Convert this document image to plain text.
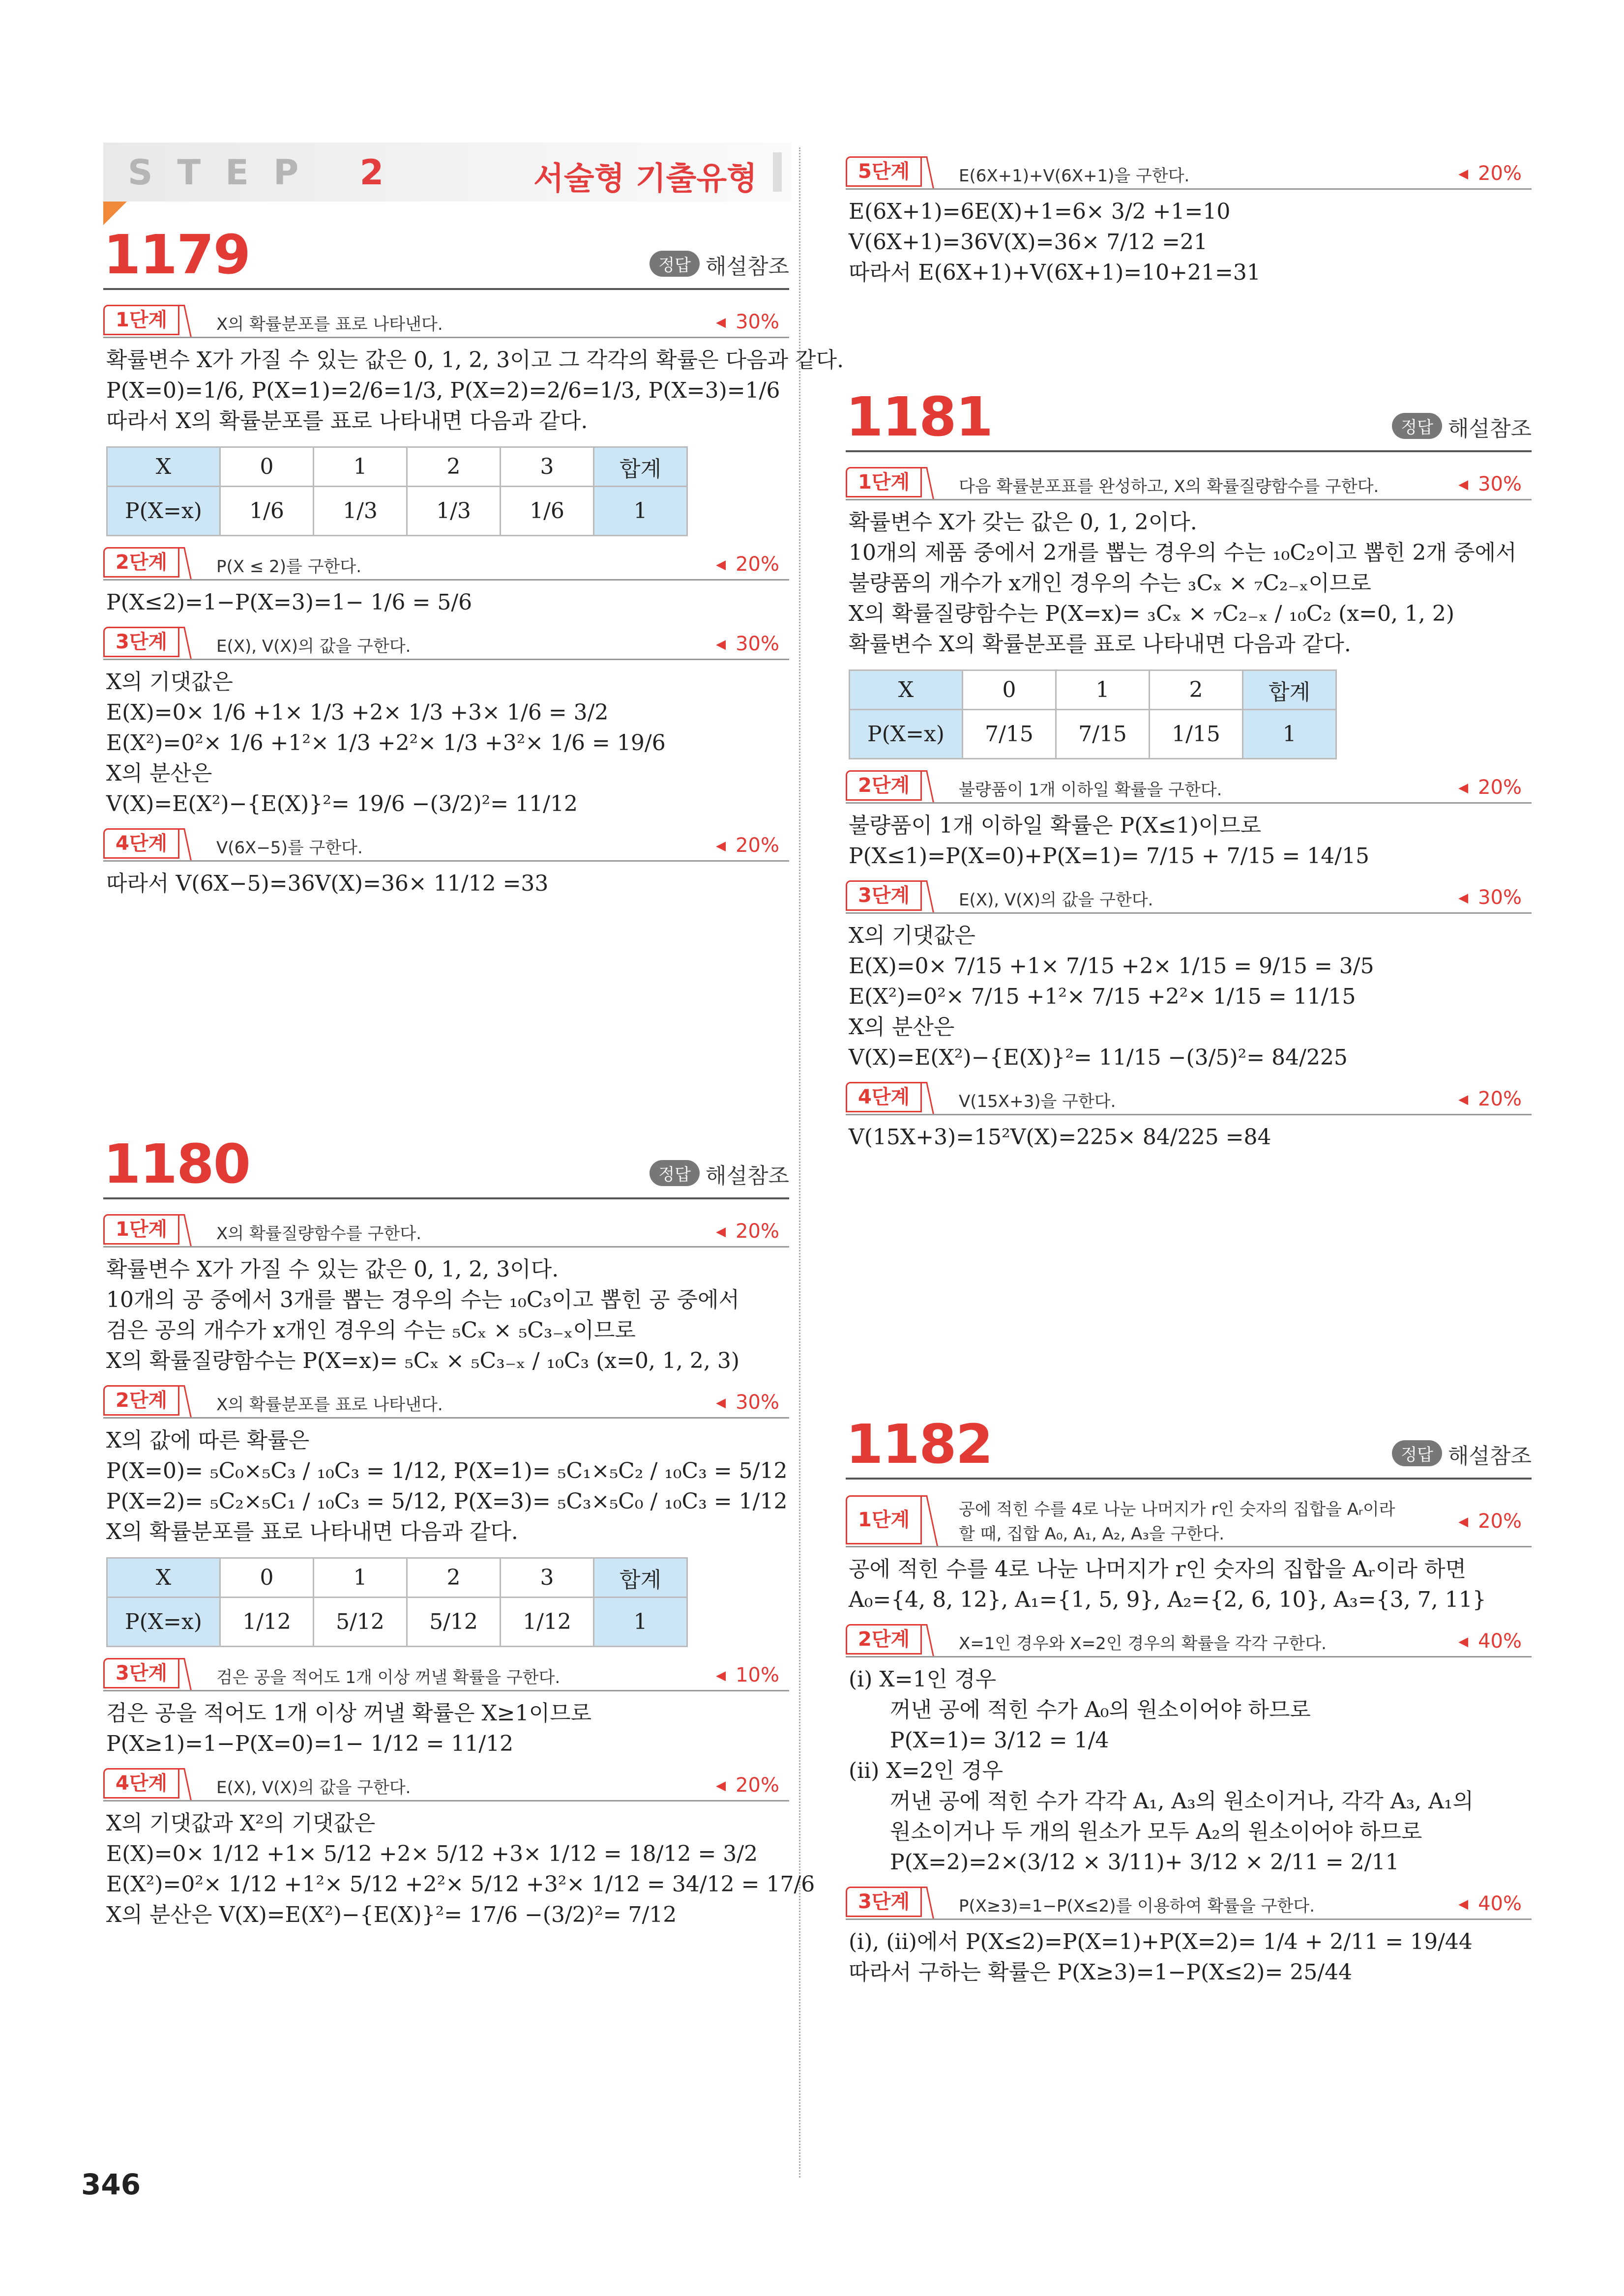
STEP 2	서술형 기출유형
1179	정답 해설참조
1단계	X의 확률분포를 표로 나타낸다.	◀ 30%
확률변수 X가 가질 수 있는 값은 0, 1, 2, 3이고 그 각각의 확률은 다음과 같다.
P(X=0)=1/6, P(X=1)=2/6=1/3, P(X=2)=2/6=1/3, P(X=3)=1/6
따라서 X의 확률분포를 표로 나타내면 다음과 같다.
X	0	1	2	3	합계
P(X=x)	1/6	1/3	1/3	1/6	1
2단계	P(X ≤ 2)를 구한다.	◀ 20%
P(X≤2)=1−P(X=3)=1− 1/6 = 5/6
3단계	E(X), V(X)의 값을 구한다.	◀ 30%
X의 기댓값은
E(X)=0× 1/6 +1× 1/3 +2× 1/3 +3× 1/6 = 3/2
E(X²)=0²× 1/6 +1²× 1/3 +2²× 1/3 +3²× 1/6 = 19/6
X의 분산은
V(X)=E(X²)−{E(X)}²= 19/6 −(3/2)²= 11/12
4단계	V(6X−5)를 구한다.	◀ 20%
따라서 V(6X−5)=36V(X)=36× 11/12 =33
1180	정답 해설참조
1단계	X의 확률질량함수를 구한다.	◀ 20%
확률변수 X가 가질 수 있는 값은 0, 1, 2, 3이다.
10개의 공 중에서 3개를 뽑는 경우의 수는 ₁₀C₃이고 뽑힌 공 중에서
검은 공의 개수가 x개인 경우의 수는 ₅Cₓ × ₅C₃₋ₓ이므로
X의 확률질량함수는 P(X=x)= ₅Cₓ × ₅C₃₋ₓ / ₁₀C₃ (x=0, 1, 2, 3)
2단계	X의 확률분포를 표로 나타낸다.	◀ 30%
X의 값에 따른 확률은
P(X=0)= ₅C₀×₅C₃ / ₁₀C₃ = 1/12, P(X=1)= ₅C₁×₅C₂ / ₁₀C₃ = 5/12
P(X=2)= ₅C₂×₅C₁ / ₁₀C₃ = 5/12, P(X=3)= ₅C₃×₅C₀ / ₁₀C₃ = 1/12
X의 확률분포를 표로 나타내면 다음과 같다.
X	0	1	2	3	합계
P(X=x)	1/12	5/12	5/12	1/12	1
3단계	검은 공을 적어도 1개 이상 꺼낼 확률을 구한다.	◀ 10%
검은 공을 적어도 1개 이상 꺼낼 확률은 X≥1이므로
P(X≥1)=1−P(X=0)=1− 1/12 = 11/12
4단계	E(X), V(X)의 값을 구한다.	◀ 20%
X의 기댓값과 X²의 기댓값은
E(X)=0× 1/12 +1× 5/12 +2× 5/12 +3× 1/12 = 18/12 = 3/2
E(X²)=0²× 1/12 +1²× 5/12 +2²× 5/12 +3²× 1/12 = 34/12 = 17/6
X의 분산은 V(X)=E(X²)−{E(X)}²= 17/6 −(3/2)²= 7/12
5단계	E(6X+1)+V(6X+1)을 구한다.	◀ 20%
E(6X+1)=6E(X)+1=6× 3/2 +1=10
V(6X+1)=36V(X)=36× 7/12 =21
따라서 E(6X+1)+V(6X+1)=10+21=31
1181	정답 해설참조
1단계	다음 확률분포표를 완성하고, X의 확률질량함수를 구한다.	◀ 30%
확률변수 X가 갖는 값은 0, 1, 2이다.
10개의 제품 중에서 2개를 뽑는 경우의 수는 ₁₀C₂이고 뽑힌 2개 중에서
불량품의 개수가 x개인 경우의 수는 ₃Cₓ × ₇C₂₋ₓ이므로
X의 확률질량함수는 P(X=x)= ₃Cₓ × ₇C₂₋ₓ / ₁₀C₂ (x=0, 1, 2)
확률변수 X의 확률분포를 표로 나타내면 다음과 같다.
X	0	1	2	합계
P(X=x)	7/15	7/15	1/15	1
2단계	불량품이 1개 이하일 확률을 구한다.	◀ 20%
불량품이 1개 이하일 확률은 P(X≤1)이므로
P(X≤1)=P(X=0)+P(X=1)= 7/15 + 7/15 = 14/15
3단계	E(X), V(X)의 값을 구한다.	◀ 30%
X의 기댓값은
E(X)=0× 7/15 +1× 7/15 +2× 1/15 = 9/15 = 3/5
E(X²)=0²× 7/15 +1²× 7/15 +2²× 1/15 = 11/15
X의 분산은
V(X)=E(X²)−{E(X)}²= 11/15 −(3/5)²= 84/225
4단계	V(15X+3)을 구한다.	◀ 20%
V(15X+3)=15²V(X)=225× 84/225 =84
1182	정답 해설참조
1단계	공에 적힌 수를 4로 나눈 나머지가 r인 숫자의 집합을 Aᵣ이라
할 때, 집합 A₀, A₁, A₂, A₃을 구한다.
◀ 20%
공에 적힌 수를 4로 나눈 나머지가 r인 숫자의 집합을 Aᵣ이라 하면
A₀={4, 8, 12}, A₁={1, 5, 9}, A₂={2, 6, 10}, A₃={3, 7, 11}
2단계	X=1인 경우와 X=2인 경우의 확률을 각각 구한다.	◀ 40%
(ⅰ) X=1인 경우
꺼낸 공에 적힌 수가 A₀의 원소이어야 하므로
P(X=1)= 3/12 = 1/4
(ⅱ) X=2인 경우
꺼낸 공에 적힌 수가 각각 A₁, A₃의 원소이거나, 각각 A₃, A₁의
원소이거나 두 개의 원소가 모두 A₂의 원소이어야 하므로
P(X=2)=2×(3/12 × 3/11)+ 3/12 × 2/11 = 2/11
3단계	P(X≥3)=1−P(X≤2)를 이용하여 확률을 구한다.	◀ 40%
(ⅰ), (ⅱ)에서 P(X≤2)=P(X=1)+P(X=2)= 1/4 + 2/11 = 19/44
따라서 구하는 확률은 P(X≥3)=1−P(X≤2)= 25/44
346
